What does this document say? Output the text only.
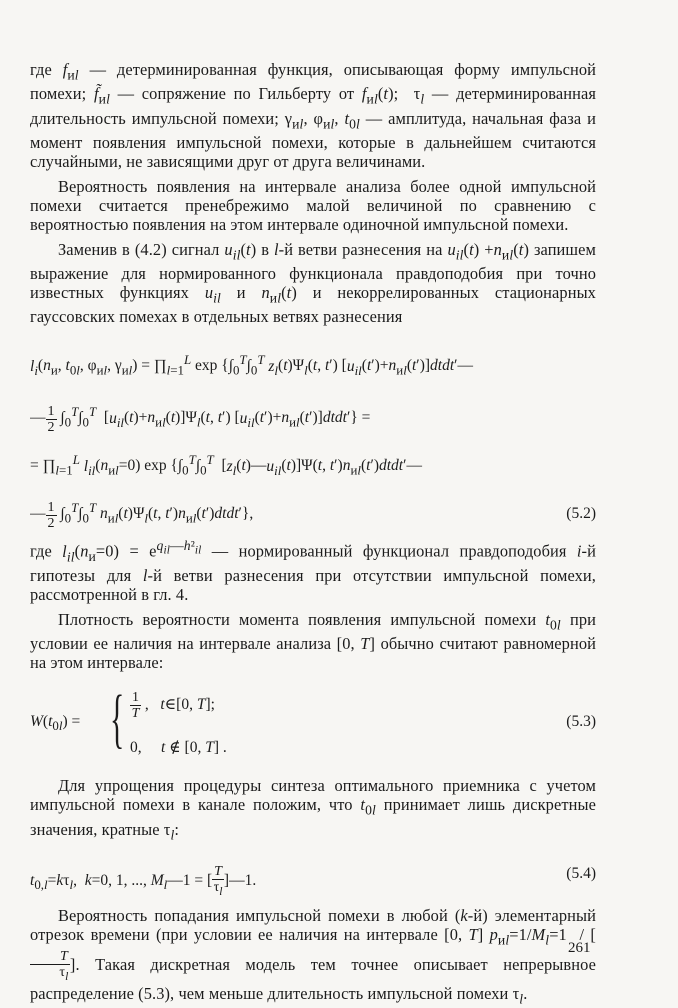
где $f_{иl}$ — детерминированная функция, описывающая форму импульсной помехи; $f̃_{иl}$ — сопряжение по Гильберту от $f_{иl}(t)$;  $\tau_l$ — детерминированная длительность импульсной помехи; $\gamma_{иl}$, $\varphi_{иl}$, $t_{0l}$ — амплитуда, начальная фаза и момент появления импульсной помехи, которые в дальнейшем считаются случайными, не зависящими друг от друга величинами.

Вероятность появления на интервале анализа более одной импульсной помехи считается пренебрежимо малой величиной по сравнению с вероятностью появления на этом интервале одиночной импульсной помехи.

Заменив в (4.2) сигнал $u_{il}(t)$ в l-й ветви разнесения на $u_{il}(t) +n_{иl}(t)$ запишем выражение для нормированного функционала правдоподобия при точно известных функциях $u_{il}$ и $n_{иl}(t)$ и некоррелированных стационарных гауссовских помехах в отдельных ветвях разнесения

$l_i(n_и$, $t_{0l}$, $\varphi_{иl}$, $\gamma_{иl}$) = $\prod_{l=1}^L$ $\exp \{\int_0^T\int_0^T$ $z_l(t)\Psi_l(t$, t′) $[u_{il}(t')+n_{иl}(t')]dtdt'—$
— $\frac{1}{2} \int_0^T\int_0^T$  $[u_{il}(t)+n_{иl}(t)]\Psi_l(t$, t′) $[u_{il}(t')+n_{иl}(t')]dtdt'$} =
= $\prod_{l=1}^L$ $l_{il}(n_{иl}=0)$ $\exp \{\int_0^T\int_0^T$  $[z_l(t)—u_{il}(t)]\Psi(t$, $t')n_{иl}(t')dtdt'—$
— $\frac{1}{2} \int_0^T\int_0^T$ $n_{иl}(t)\Psi_l(t$, $t')n_{иl}(t')dtdt'$},	(5.2)

где $l_{il}(n_и=0) = e^{q_{il}—h^2_{il}}$ — нормированный функционал правдоподобия i-й гипотезы для l-й ветви разнесения при отсутствии импульсной помехи, рассмотренной в гл. 4.

Плотность вероятности момента появления импульсной помехи $t_{0l}$ при условии ее наличия на интервале анализа [0, T] обычно считают равномерной на этом интервале:

$W(t_{0l})$ = { $\frac{1}{T}$ ,   t∈[0, T];
0,     t ∉ [0, T] .
(5.3)

Для упрощения процедуры синтеза оптимального приемника с учетом импульсной помехи в канале положим, что $t_{0l}$ принимает лишь дискретные значения, кратные $\tau_l$:

$t_{0,l}=k\tau_l$,  k=0, 1, ..., $M_l—1$ = [ $\frac{T}{\tau_l}$ ]—1.	(5.4)

Вероятность попадания импульсной помехи в любой (k-й) элементарный отрезок времени (при условии ее наличия на интервале [0, T] $p_{иl}=1/M_l=1$  / [
$\frac{T}{\tau_l}$ ]. Такая дискретная модель тем точнее описывает непрерывное распределение (5.3), чем меньше длительность импульсной помехи $\tau_l$.

261
